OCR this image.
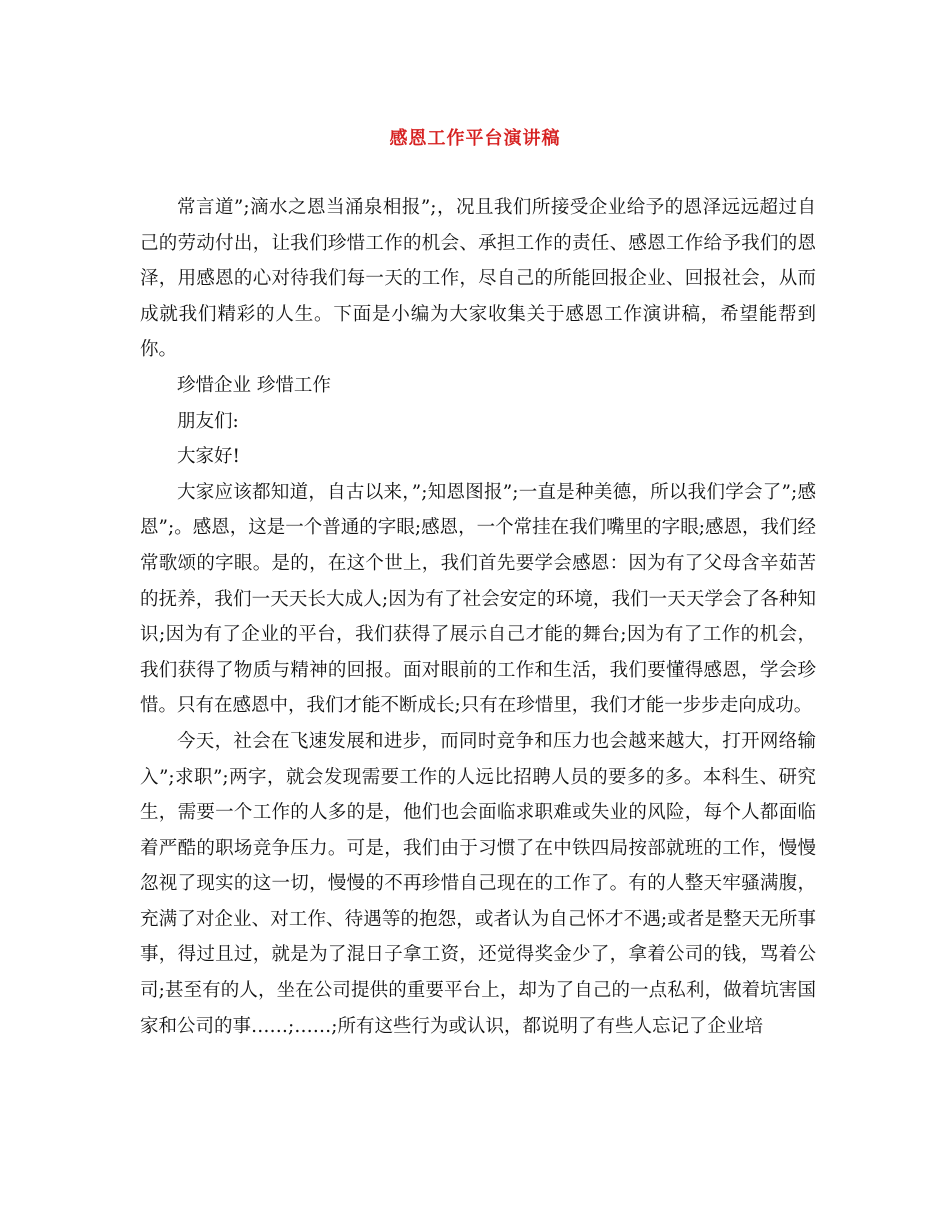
感恩工作平台演讲稿

常言道”;滴水之恩当涌泉相报”;，况且我们所接受企业给予的恩泽远远超过自己的劳动付出，让我们珍惜工作的机会、承担工作的责任、感恩工作给予我们的恩泽，用感恩的心对待我们每一天的工作，尽自己的所能回报企业、回报社会，从而成就我们精彩的人生。下面是小编为大家收集关于感恩工作演讲稿，希望能帮到你。

珍惜企业 珍惜工作

朋友们:

大家好!

大家应该都知道，自古以来，”;知恩图报”;一直是种美德，所以我们学会了”;感恩”;。感恩，这是一个普通的字眼;感恩，一个常挂在我们嘴里的字眼;感恩，我们经常歌颂的字眼。是的，在这个世上，我们首先要学会感恩：因为有了父母含辛茹苦的抚养，我们一天天长大成人;因为有了社会安定的环境，我们一天天学会了各种知识;因为有了企业的平台，我们获得了展示自己才能的舞台;因为有了工作的机会，我们获得了物质与精神的回报。面对眼前的工作和生活，我们要懂得感恩，学会珍惜。只有在感恩中，我们才能不断成长;只有在珍惜里，我们才能一步步走向成功。

今天，社会在飞速发展和进步，而同时竞争和压力也会越来越大，打开网络输入”;求职”;两字，就会发现需要工作的人远比招聘人员的要多的多。本科生、研究生，需要一个工作的人多的是，他们也会面临求职难或失业的风险，每个人都面临着严酷的职场竞争压力。可是，我们由于习惯了在中铁四局按部就班的工作，慢慢忽视了现实的这一切，慢慢的不再珍惜自己现在的工作了。有的人整天牢骚满腹，充满了对企业、对工作、待遇等的抱怨，或者认为自己怀才不遇;或者是整天无所事事，得过且过，就是为了混日子拿工资，还觉得奖金少了，拿着公司的钱，骂着公司;甚至有的人，坐在公司提供的重要平台上，却为了自己的一点私利，做着坑害国家和公司的事……;……;所有这些行为或认识，都说明了有些人忘记了企业培
